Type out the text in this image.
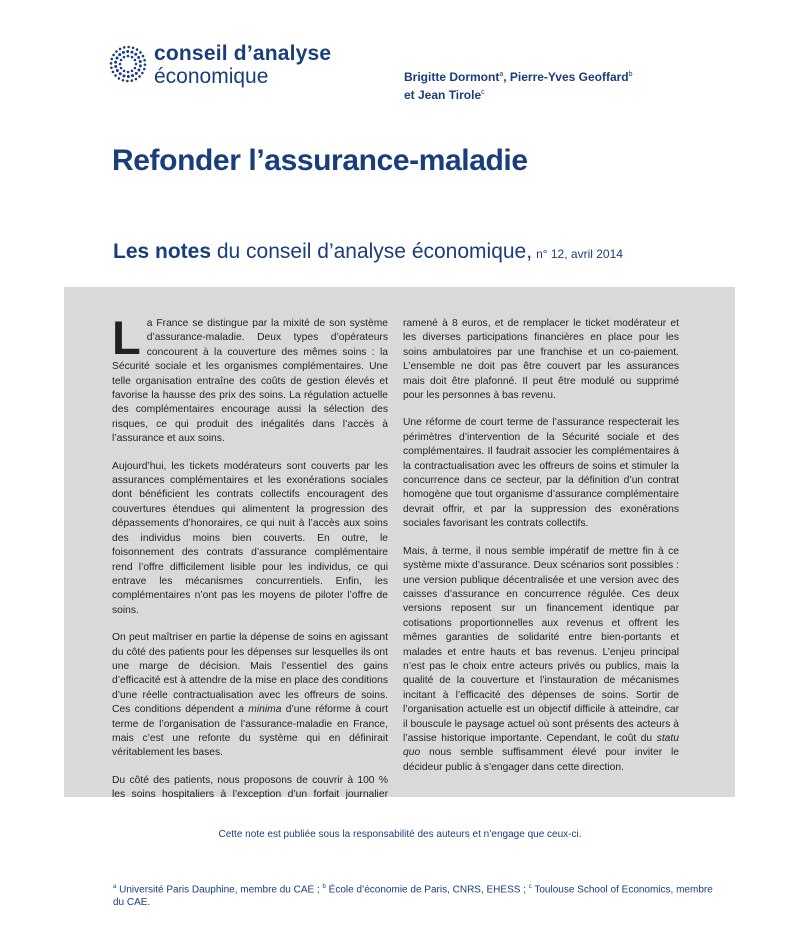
conseil d’analyse
économique	Brigitte Dormont$^a$, Pierre-Yves Geoffard$^b$
et Jean Tirole$^c$
Refonder l’assurance-maladie
Les notes du conseil d’analyse économique, n° 12, avril 2014

La France se distingue par la mixité de son système d’assurance-maladie. Deux types d’opérateurs concourent à la couverture des mêmes soins : la Sécurité sociale et les organismes complémentaires. Une telle organisation entraîne des coûts de gestion élevés et favorise la hausse des prix des soins. La régulation actuelle des complémentaires encourage aussi la sélection des risques, ce qui produit des inégalités dans l’accès à l’assurance et aux soins.

Aujourd’hui, les tickets modérateurs sont couverts par les assurances complémentaires et les exonérations sociales dont bénéficient les contrats collectifs encouragent des couvertures étendues qui alimentent la progression des dépassements d’honoraires, ce qui nuit à l’accès aux soins des individus moins bien couverts. En outre, le foisonnement des contrats d’assurance complémentaire rend l’offre difficilement lisible pour les individus, ce qui entrave les mécanismes concurrentiels. Enfin, les complémentaires n’ont pas les moyens de piloter l’offre de soins.

On peut maîtriser en partie la dépense de soins en agissant du côté des patients pour les dépenses sur lesquelles ils ont une marge de décision. Mais l’essentiel des gains d’efficacité est à attendre de la mise en place des conditions d’une réelle contractualisation avec les offreurs de soins. Ces conditions dépendent a minima d’une réforme à court terme de l’organisation de l’assurance-maladie en France, mais c’est une refonte du système qui en définirait véritablement les bases.

Du côté des patients, nous proposons de couvrir à 100 % les soins hospitaliers à l’exception d’un forfait journalier

ramené à 8 euros, et de remplacer le ticket modérateur et les diverses participations financières en place pour les soins ambulatoires par une franchise et un co-paiement. L’ensemble ne doit pas être couvert par les assurances mais doit être plafonné. Il peut être modulé ou supprimé pour les personnes à bas revenu.

Une réforme de court terme de l’assurance respecterait les périmètres d’intervention de la Sécurité sociale et des complémentaires. Il faudrait associer les complémentaires à la contractualisation avec les offreurs de soins et stimuler la concurrence dans ce secteur, par la définition d’un contrat homogène que tout organisme d’assurance complémentaire devrait offrir, et par la suppression des exonérations sociales favorisant les contrats collectifs.

Mais, à terme, il nous semble impératif de mettre fin à ce système mixte d’assurance. Deux scénarios sont possibles : une version publique décentralisée et une version avec des caisses d’assurance en concurrence régulée. Ces deux versions reposent sur un financement identique par cotisations proportionnelles aux revenus et offrent les mêmes garanties de solidarité entre bien-portants et malades et entre hauts et bas revenus. L’enjeu principal n’est pas le choix entre acteurs privés ou publics, mais la qualité de la couverture et l’instauration de mécanismes incitant à l’efficacité des dépenses de soins. Sortir de l’organisation actuelle est un objectif difficile à atteindre, car il bouscule le paysage actuel où sont présents des acteurs à l’assise historique importante. Cependant, le coût du statu quo nous semble suffisamment élevé pour inviter le décideur public à s’engager dans cette direction.

Cette note est publiée sous la responsabilité des auteurs et n’engage que ceux-ci.
$^a$ Université Paris Dauphine, membre du CAE ; $^b$ École d’économie de Paris, CNRS, EHESS ; $^c$ Toulouse School of Economics, membre du CAE.
